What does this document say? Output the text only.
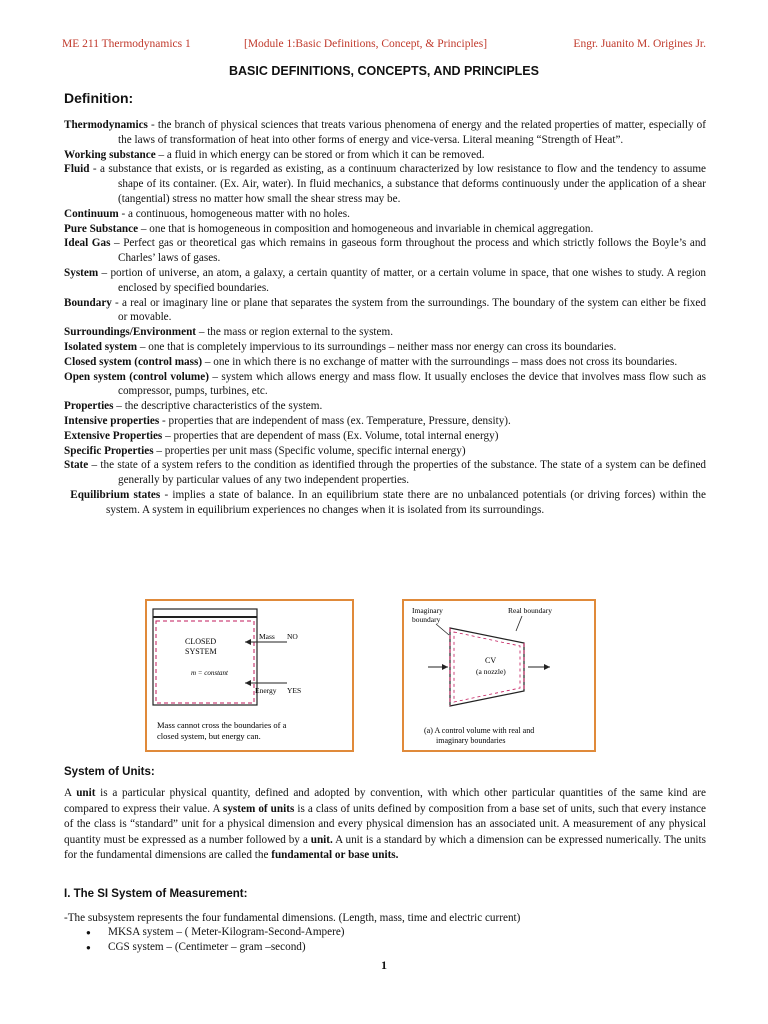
ME 211 Thermodynamics 1	[Module 1:Basic Definitions, Concept, & Principles]	Engr. Juanito M. Origines Jr.
BASIC DEFINITIONS, CONCEPTS, AND PRINCIPLES
Definition:

Thermodynamics - the branch of physical sciences that treats various phenomena of energy and the related properties of matter, especially of the laws of transformation of heat into other forms of energy and vice-versa. Literal meaning “Strength of Heat”.

Working substance – a fluid in which energy can be stored or from which it can be removed.

Fluid - a substance that exists, or is regarded as existing, as a continuum characterized by low resistance to flow and the tendency to assume shape of its container. (Ex. Air, water). In fluid mechanics, a substance that deforms continuously under the application of a shear (tangential) stress no matter how small the shear stress may be.

Continuum - a continuous, homogeneous matter with no holes.

Pure Substance – one that is homogeneous in composition and homogeneous and invariable in chemical aggregation.

Ideal Gas – Perfect gas or theoretical gas which remains in gaseous form throughout the process and which strictly follows the Boyle’s and Charles’ laws of gases.

System – portion of universe, an atom, a galaxy, a certain quantity of matter, or a certain volume in space, that one wishes to study. A region enclosed by specified boundaries.

Boundary - a real or imaginary line or plane that separates the system from the surroundings. The boundary of the system can either be fixed or movable.

Surroundings/Environment – the mass or region external to the system.

Isolated system – one that is completely impervious to its surroundings – neither mass nor energy can cross its boundaries.

Closed system (control mass) – one in which there is no exchange of matter with the surroundings – mass does not cross its boundaries.

Open system (control volume) – system which allows energy and mass flow. It usually encloses the device that involves mass flow such as compressor, pumps, turbines, etc.

Properties – the descriptive characteristics of the system.

Intensive properties - properties that are independent of mass (ex. Temperature, Pressure, density).

Extensive Properties – properties that are dependent of mass (Ex. Volume, total internal energy)

Specific Properties – properties per unit mass (Specific volume, specific internal energy)

State – the state of a system refers to the condition as identified through the properties of the substance. The state of a system can be defined generally by particular values of any two independent properties.

Equilibrium states - implies a state of balance. In an equilibrium state there are no unbalanced potentials (or driving forces) within the system. A system in equilibrium experiences no changes when it is isolated from its surroundings.

CLOSED
SYSTEM
m = constant
Mass NO
Energy YES
Mass cannot cross the boundaries of a
closed system, but energy can.
Imaginary
boundary
Real boundary
CV
(a nozzle)
(a) A control volume with real and
imaginary boundaries
System of Units:
A unit is a particular physical quantity, defined and adopted by convention, with which other particular quantities of the same kind are compared to express their value. A system of units is a class of units defined by composition from a base set of units, such that every instance of the class is “standard” unit for a physical dimension and every physical dimension has an associated unit. A measurement of any physical quantity must be expressed as a number followed by a unit. A unit is a standard by which a dimension can be expressed numerically. The units for the fundamental dimensions are called the fundamental or base units.
I. The SI System of Measurement:
-The subsystem represents the four fundamental dimensions. (Length, mass, time and electric current)
● MKSA system – ( Meter-Kilogram-Second-Ampere)
● CGS system – (Centimeter – gram –second)
1
